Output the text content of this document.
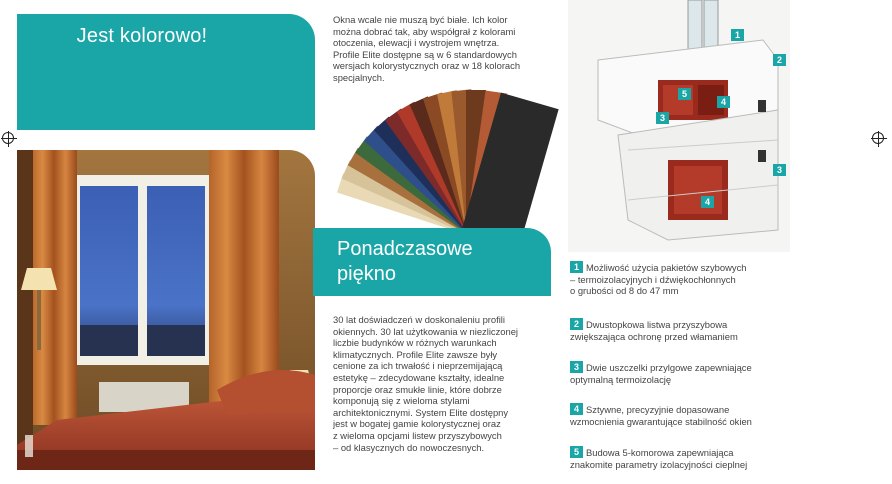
Jest kolorowo!
Okna wcale nie muszą być białe. Ich kolor
można dobrać tak, aby współgrał z kolorami
otoczenia, elewacji i wystrojem wnętrza.
Profile Elite dostępne są w 6 standardowych
wersjach kolorystycznych oraz w 18 kolorach
specjalnych.
Ponadczasowe
piękno
30 lat doświadczeń w doskonaleniu profili
okiennych. 30 lat użytkowania w niezliczonej
liczbie budynków w różnych warunkach
klimatycznych. Profile Elite zawsze były
cenione za ich trwałość i nieprzemijającą
estetykę – zdecydowane kształty, idealne
proporcje oraz smukłe linie, które dobrze
komponują się z wieloma stylami
architektonicznymi. System Elite dostępny
jest w bogatej gamie kolorystycznej oraz
z wieloma opcjami listew przyszybowych
– od klasycznych do nowoczesnych.
1
2
5
4
3
3
4
1 Możliwość użycia pakietów szybowych
– termoizolacyjnych i dźwiękochłonnych
o grubości od 8 do 47 mm
2 Dwustopkowa listwa przyszybowa
zwiększająca ochronę przed włamaniem
3 Dwie uszczelki przylgowe zapewniające
optymalną termoizolację
4 Sztywne, precyzyjnie dopasowane
wzmocnienia gwarantujące stabilność okien
5 Budowa 5-komorowa zapewniająca
znakomite parametry izolacyjności cieplnej
